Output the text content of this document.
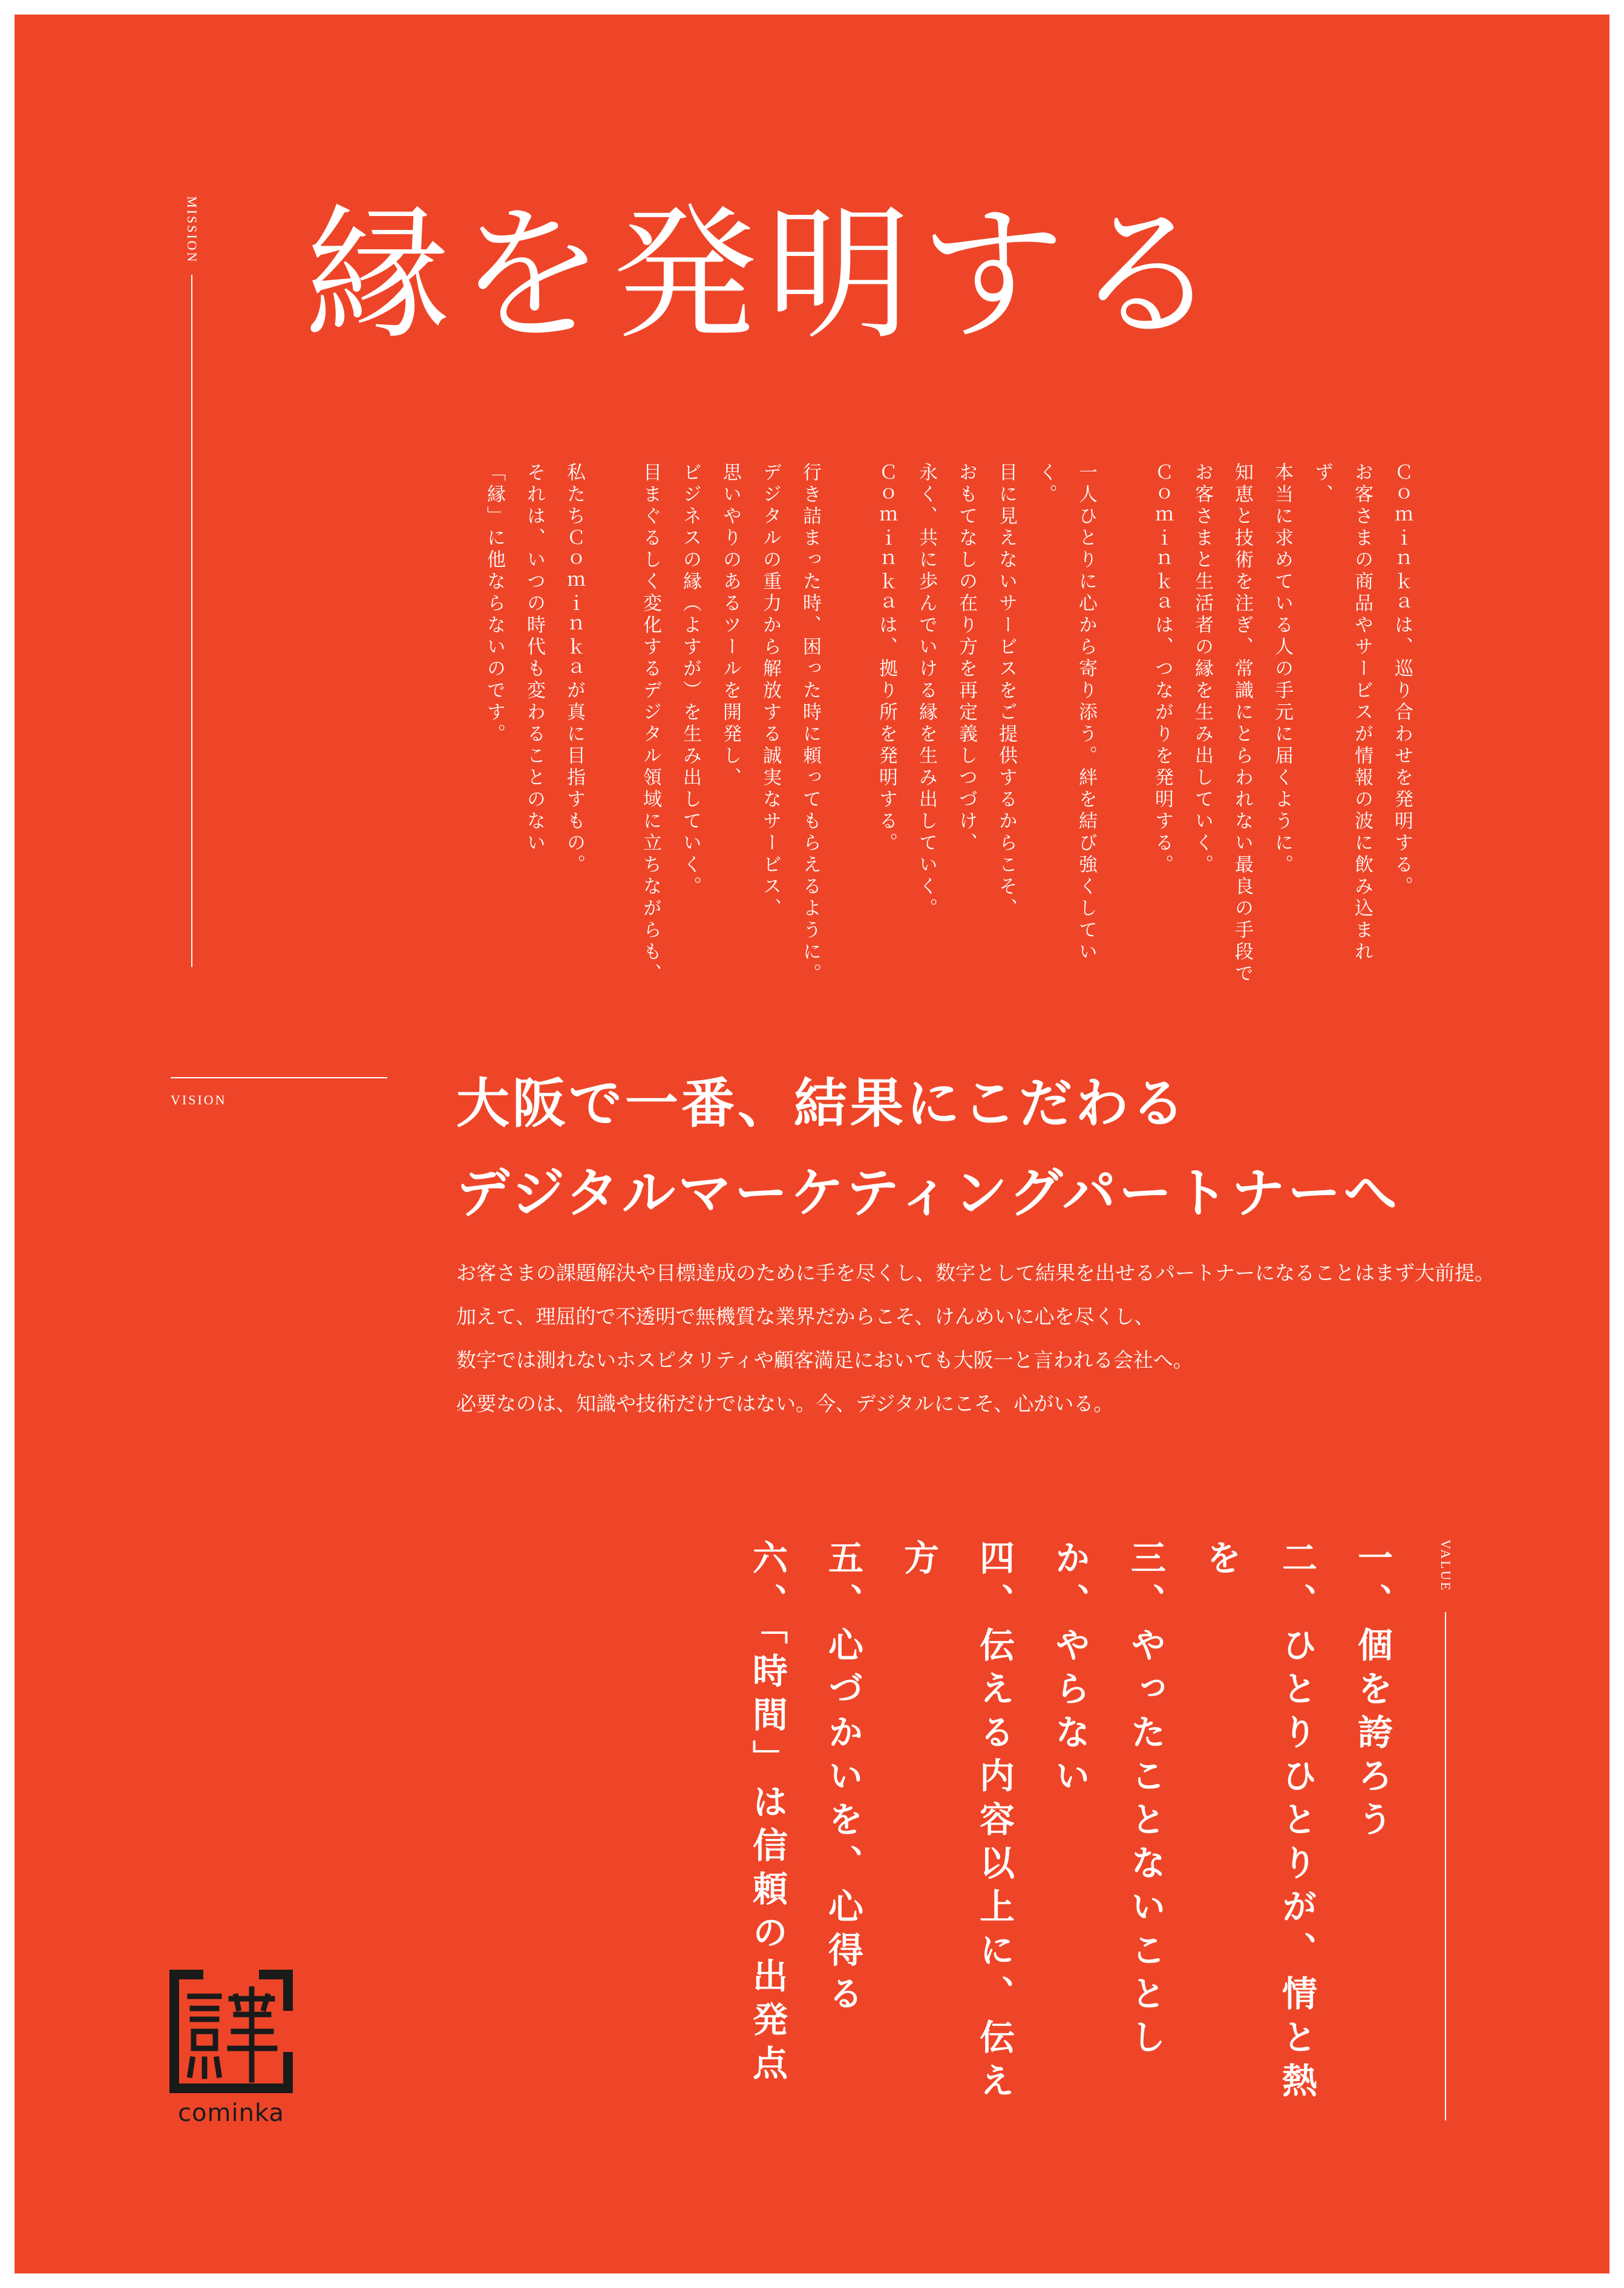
MISSION 縁を発明する
Ｃｏｍｉｎｋａは、巡り合わせを発明する。
お客さまの商品やサービスが情報の波に飲み込まれず、
本当に求めている人の手元に届くように。
知恵と技術を注ぎ、常識にとらわれない最良の手段で
お客さまと生活者の縁を生み出していく。
Ｃｏｍｉｎｋａは、つながりを発明する。
一人ひとりに心から寄り添う。絆を結び強くしていく。
目に見えないサービスをご提供するからこそ、
おもてなしの在り方を再定義しつづけ、
永く、共に歩んでいける縁を生み出していく。
Ｃｏｍｉｎｋａは、拠り所を発明する。
行き詰まった時、困った時に頼ってもらえるように。
デジタルの重力から解放する誠実なサービス、
思いやりのあるツールを開発し、
ビジネスの縁（よすが）を生み出していく。
目まぐるしく変化するデジタル領域に立ちながらも、
私たちＣｏｍｉｎｋａが真に目指すもの。
それは、いつの時代も変わることのない
「縁」に他ならないのです。
VISION	大阪で一番、結果にこだわる
デジタルマーケティングパートナーへ
お客さまの課題解決や目標達成のために手を尽くし、数字として結果を出せるパートナーになることはまず大前提。
加えて、理屈的で不透明で無機質な業界だからこそ、けんめいに心を尽くし、
数字では測れないホスピタリティや顧客満足においても大阪一と言われる会社へ。
必要なのは、知識や技術だけではない。今、デジタルにこそ、心がいる。
VALUE
一、個を誇ろう
二、ひとりひとりが、情と熱を
三、やったことないことしか、やらない
四、伝える内容以上に、伝え方
五、心づかいを、心得る
六、「時間」は信頼の出発点
cominka
